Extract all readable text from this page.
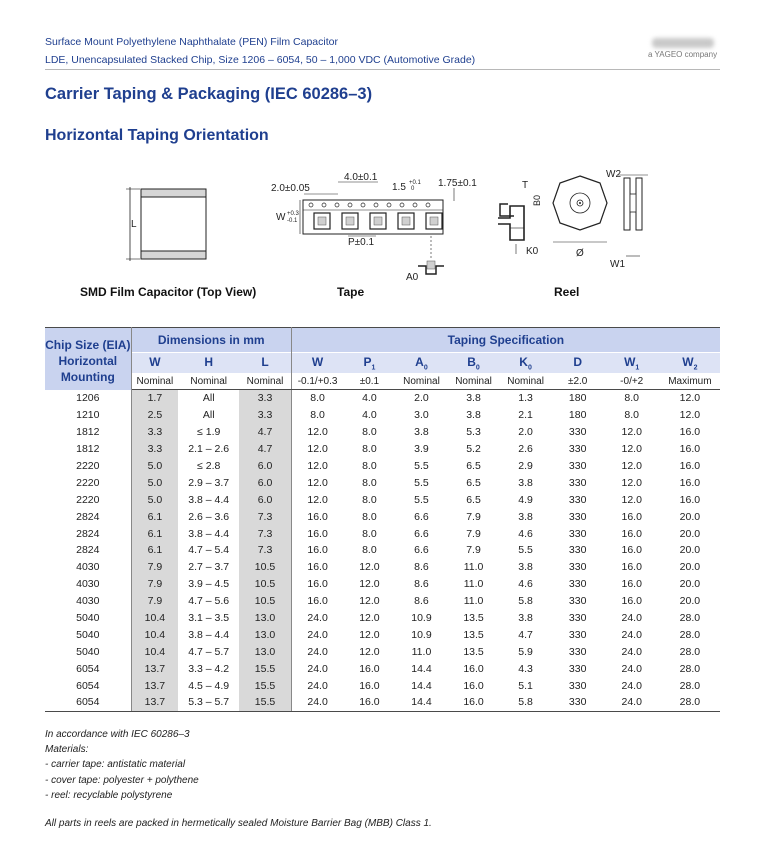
Surface Mount Polyethylene Naphthalate (PEN) Film Capacitor
LDE, Unencapsulated Stacked Chip, Size 1206 – 6054, 50 – 1,000 VDC (Automotive Grade)	a YAGEO company
Carrier Taping & Packaging (IEC 60286–3)
Horizontal Taping Orientation
L
SMD Film Capacitor (Top View)
4.0±0.1
2.0±0.05	1.5 +0.1
0 1.75±0.1
W +0.3
-0.1
P±0.1
A0
T
B0
K0
Tape
Ø
W2
W1
Reel
Chip Size (EIA)
Horizontal Mounting	Dimensions in mm			Taping Specification							
	W	H	L	W	$P_1$	$A_0$	$B_0$	$K_0$	D	$W_1$	$W_2$
	Nominal	Nominal	Nominal	-0.1/+0.3	±0.1	Nominal	Nominal	Nominal	±2.0	-0/+2	Maximum
1206	1.7	All	3.3	8.0	4.0	2.0	3.8	1.3	180	8.0	12.0
1210	2.5	All	3.3	8.0	4.0	3.0	3.8	2.1	180	8.0	12.0
1812	3.3	≤ 1.9	4.7	12.0	8.0	3.8	5.3	2.0	330	12.0	16.0
1812	3.3	2.1 – 2.6	4.7	12.0	8.0	3.9	5.2	2.6	330	12.0	16.0
2220	5.0	≤ 2.8	6.0	12.0	8.0	5.5	6.5	2.9	330	12.0	16.0
2220	5.0	2.9 – 3.7	6.0	12.0	8.0	5.5	6.5	3.8	330	12.0	16.0
2220	5.0	3.8 – 4.4	6.0	12.0	8.0	5.5	6.5	4.9	330	12.0	16.0
2824	6.1	2.6 – 3.6	7.3	16.0	8.0	6.6	7.9	3.8	330	16.0	20.0
2824	6.1	3.8 – 4.4	7.3	16.0	8.0	6.6	7.9	4.6	330	16.0	20.0
2824	6.1	4.7 – 5.4	7.3	16.0	8.0	6.6	7.9	5.5	330	16.0	20.0
4030	7.9	2.7 – 3.7	10.5	16.0	12.0	8.6	11.0	3.8	330	16.0	20.0
4030	7.9	3.9 – 4.5	10.5	16.0	12.0	8.6	11.0	4.6	330	16.0	20.0
4030	7.9	4.7 – 5.6	10.5	16.0	12.0	8.6	11.0	5.8	330	16.0	20.0
5040	10.4	3.1 – 3.5	13.0	24.0	12.0	10.9	13.5	3.8	330	24.0	28.0
5040	10.4	3.8 – 4.4	13.0	24.0	12.0	10.9	13.5	4.7	330	24.0	28.0
5040	10.4	4.7 – 5.7	13.0	24.0	12.0	11.0	13.5	5.9	330	24.0	28.0
6054	13.7	3.3 – 4.2	15.5	24.0	16.0	14.4	16.0	4.3	330	24.0	28.0
6054	13.7	4.5 – 4.9	15.5	24.0	16.0	14.4	16.0	5.1	330	24.0	28.0
6054	13.7	5.3 – 5.7	15.5	24.0	16.0	14.4	16.0	5.8	330	24.0	28.0
In accordance with IEC 60286–3
Materials:
- carrier tape: antistatic material
- cover tape: polyester + polythene
- reel: recyclable polystyrene
All parts in reels are packed in hermetically sealed Moisture Barrier Bag (MBB) Class 1.
